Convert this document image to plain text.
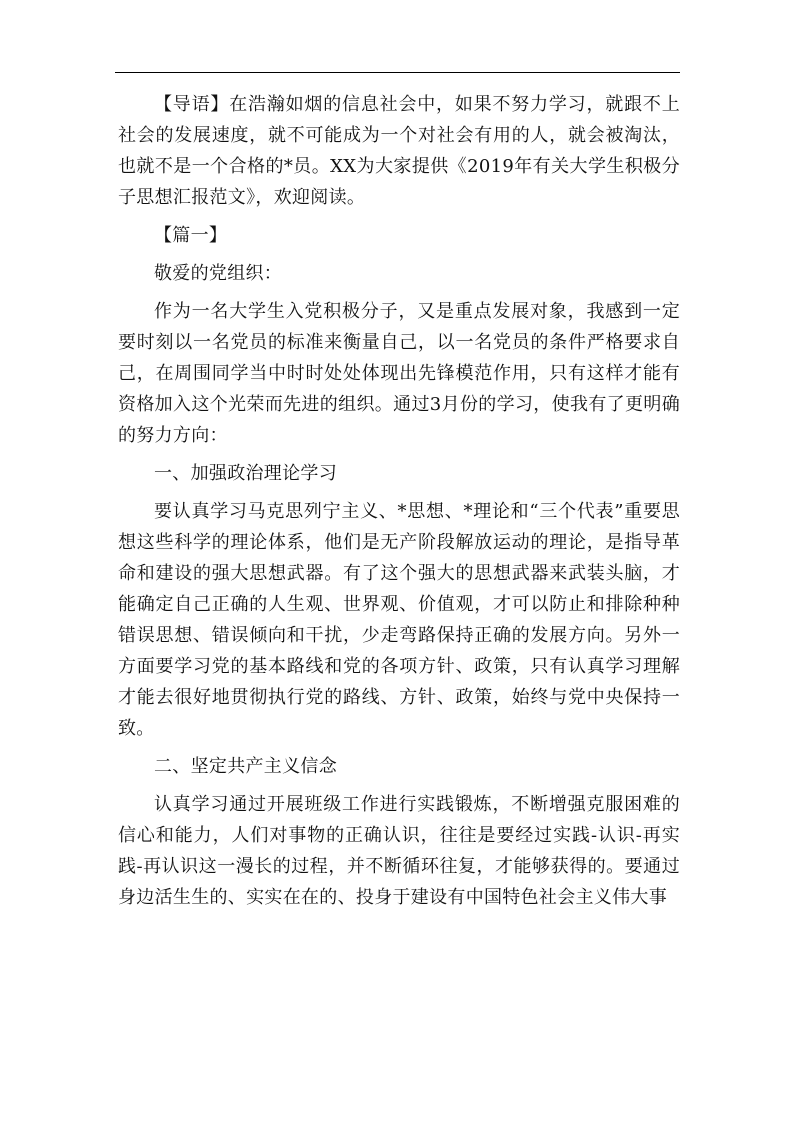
【导语】在浩瀚如烟的信息社会中，如果不努力学习，就跟不上社会的发展速度，就不可能成为一个对社会有用的人，就会被淘汰，也就不是一个合格的*员。XX为大家提供《2019年有关大学生积极分子思想汇报范文》，欢迎阅读。

【篇一】

敬爱的党组织：

作为一名大学生入党积极分子，又是重点发展对象，我感到一定要时刻以一名党员的标准来衡量自己，以一名党员的条件严格要求自己，在周围同学当中时时处处体现出先锋模范作用，只有这样才能有资格加入这个光荣而先进的组织。通过3月份的学习，使我有了更明确的努力方向：

一、加强政治理论学习

要认真学习马克思列宁主义、*思想、*理论和“三个代表”重要思想这些科学的理论体系，他们是无产阶段解放运动的理论，是指导革命和建设的强大思想武器。有了这个强大的思想武器来武装头脑，才能确定自己正确的人生观、世界观、价值观，才可以防止和排除种种错误思想、错误倾向和干扰，少走弯路保持正确的发展方向。另外一方面要学习党的基本路线和党的各项方针、政策，只有认真学习理解才能去很好地贯彻执行党的路线、方针、政策，始终与党中央保持一致。

二、坚定共产主义信念

认真学习通过开展班级工作进行实践锻炼，不断增强克服困难的信心和能力，人们对事物的正确认识，往往是要经过实践-认识-再实践-再认识这一漫长的过程，并不断循环往复，才能够获得的。要通过身边活生生的、实实在在的、投身于建设有中国特色社会主义伟大事
